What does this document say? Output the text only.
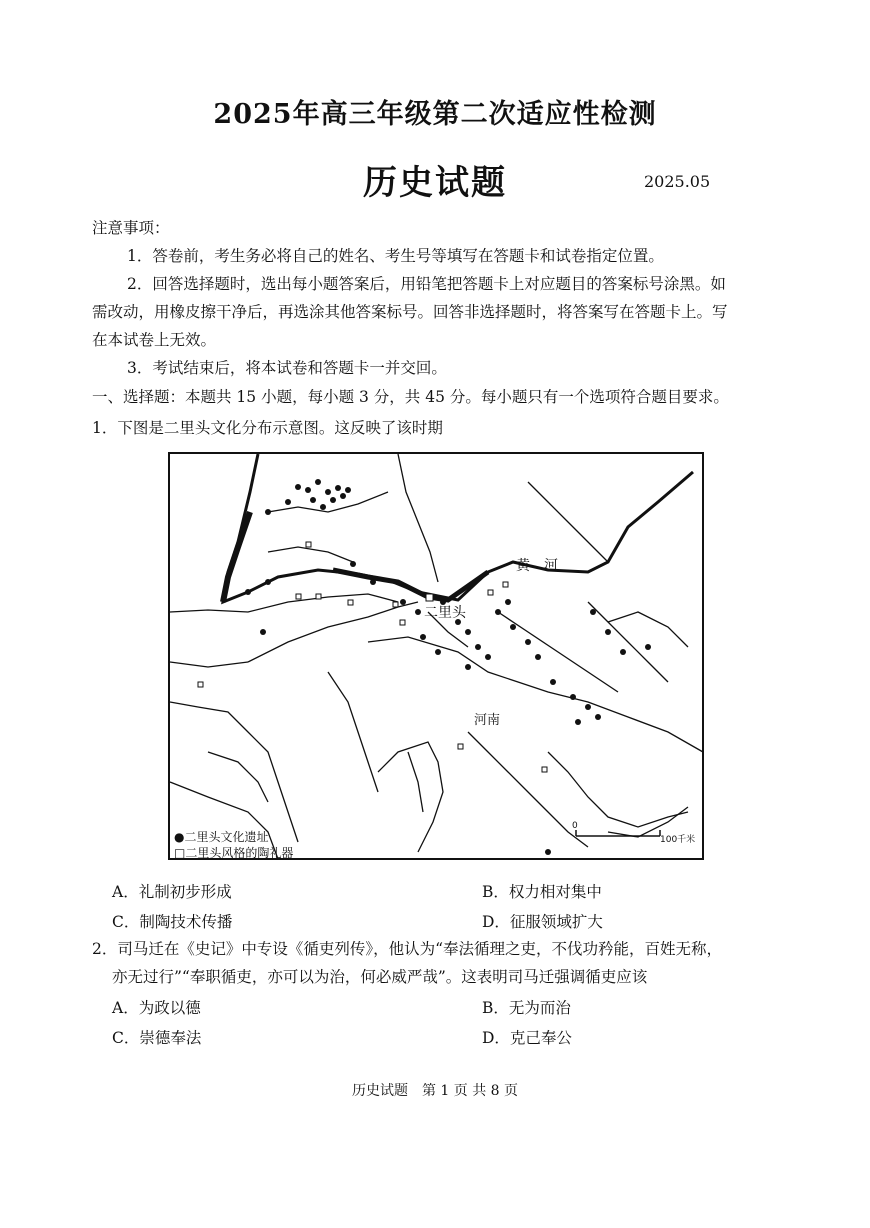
2025年高三年级第二次适应性检测
历史试题	2025.05
注意事项：
1．答卷前，考生务必将自己的姓名、考生号等填写在答题卡和试卷指定位置。
2．回答选择题时，选出每小题答案后，用铅笔把答题卡上对应题目的答案标号涂黑。如
需改动，用橡皮擦干净后，再选涂其他答案标号。回答非选择题时，将答案写在答题卡上。写
在本试卷上无效。
3．考试结束后，将本试卷和答题卡一并交回。
一、选择题：本题共 15 小题，每小题 3 分，共 45 分。每小题只有一个选项符合题目要求。
1．下图是二里头文化分布示意图。这反映了该时期
黄　河
二里头
河南
●二里头文化遗址
□二里头风格的陶礼器
0
100千米
A．礼制初步形成	B．权力相对集中
C．制陶技术传播	D．征服领域扩大
2．司马迁在《史记》中专设《循吏列传》，他认为“奉法循理之吏，不伐功矜能，百姓无称，
亦无过行”“奉职循吏，亦可以为治，何必威严哉”。这表明司马迁强调循吏应该
A．为政以德	B．无为而治
C．崇德奉法	D．克己奉公
历史试题　第 1 页 共 8 页
